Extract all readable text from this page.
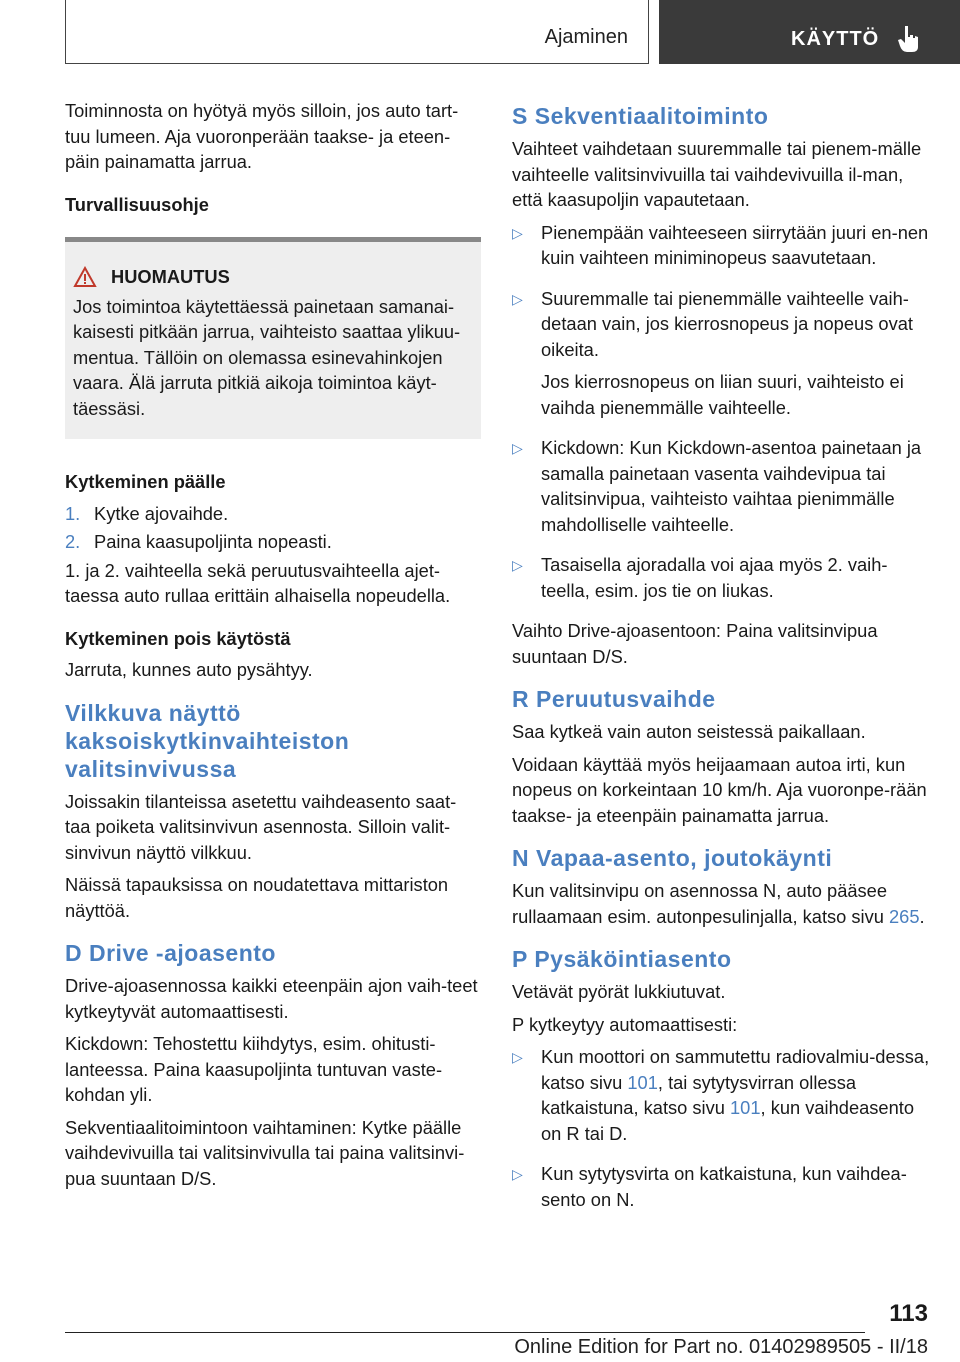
Ajaminen	KÄYTTÖ

Toiminnosta on hyötyä myös silloin, jos auto tart-tuu lumeen. Aja vuoronperään taakse- ja eteen-päin painamatta jarrua.

Turvallisuusohje

HUOMAUTUS

Jos toimintoa käytettäessä painetaan samanai-kaisesti pitkään jarrua, vaihteisto saattaa ylikuu-mentua. Tällöin on olemassa esinevahinkojen vaara. Älä jarruta pitkiä aikoja toimintoa käyt-täessäsi.

Kytkeminen päälle

1. Kytke ajovaihde.
2. Paina kaasupoljinta nopeasti.

1. ja 2. vaihteella sekä peruutusvaihteella ajet-taessa auto rullaa erittäin alhaisella nopeudella.

Kytkeminen pois käytöstä

Jarruta, kunnes auto pysähtyy.

Vilkkuva näyttö kaksoiskytkinvaihteiston valitsinvivussa

Joissakin tilanteissa asetettu vaihdeasento saat-taa poiketa valitsinvivun asennosta. Silloin valit-sinvivun näyttö vilkkuu.

Näissä tapauksissa on noudatettava mittariston näyttöä.

D Drive -ajoasento

Drive-ajoasennossa kaikki eteenpäin ajon vaih-teet kytkeytyvät automaattisesti.

Kickdown: Tehostettu kiihdytys, esim. ohitusti-lanteessa. Paina kaasupoljinta tuntuvan vaste-kohdan yli.

Sekventiaalitoimintoon vaihtaminen: Kytke päälle vaihdevivuilla tai valitsinvivulla tai paina valitsinvi-pua suuntaan D/S.

S Sekventiaalitoiminto

Vaihteet vaihdetaan suuremmalle tai pienem-mälle vaihteelle valitsinvivuilla tai vaihdevivuilla il-man, että kaasupoljin vapautetaan.

▷ Pienempään vaihteeseen siirrytään juuri en-nen kuin vaihteen miniminopeus saavutetaan.

▷ Suuremmalle tai pienemmälle vaihteelle vaih-detaan vain, jos kierrosnopeus ja nopeus ovat oikeita.

Jos kierrosnopeus on liian suuri, vaihteisto ei vaihda pienemmälle vaihteelle.

▷ Kickdown: Kun Kickdown-asentoa painetaan ja samalla painetaan vasenta vaihdevipua tai valitsinvipua, vaihteisto vaihtaa pienimmälle mahdolliselle vaihteelle.

▷ Tasaisella ajoradalla voi ajaa myös 2. vaih-teella, esim. jos tie on liukas.

Vaihto Drive-ajoasentoon: Paina valitsinvipua suuntaan D/S.

R Peruutusvaihde

Saa kytkeä vain auton seistessä paikallaan.

Voidaan käyttää myös heijaamaan autoa irti, kun nopeus on korkeintaan 10 km/h. Aja vuoronpe-rään taakse- ja eteenpäin painamatta jarrua.

N Vapaa-asento, joutokäynti

Kun valitsinvipu on asennossa N, auto pääsee rullaamaan esim. autonpesulinjalla, katso sivu 265.

P Pysäköintiasento

Vetävät pyörät lukkiutuvat.

P kytkeytyy automaattisesti:

▷ Kun moottori on sammutettu radiovalmiu-dessa, katso sivu 101, tai sytytysvirran ollessa katkaistuna, katso sivu 101, kun vaihdeasento on R tai D.

▷ Kun sytytysvirta on katkaistuna, kun vaihdea-sento on N.

113
Online Edition for Part no. 01402989505 - II/18
